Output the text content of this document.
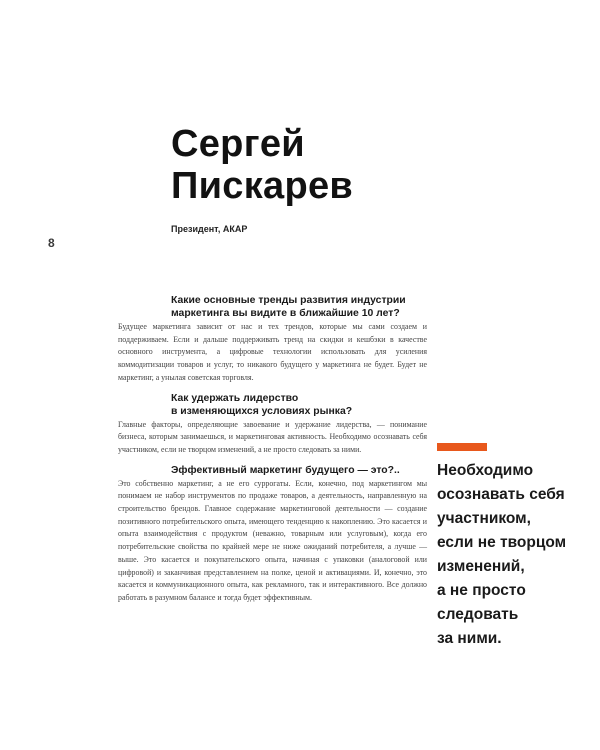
8
Сергей
Пискарев
Президент, АКАР
Какие основные тренды развития индустрии
маркетинга вы видите в ближайшие 10 лет?

Будущее маркетинга зависит от нас и тех трендов, которые мы сами создаем и поддерживаем. Если и дальше поддерживать тренд на скидки и кешбэки в качестве основного инструмента, а цифровые технологии использовать для усиления коммодитизации товаров и услуг, то никакого будущего у маркетинга не будет. Будет не маркетинг, а унылая советская торговля.

Как удержать лидерство
в изменяющихся условиях рынка?

Главные факторы, определяющие завоевание и удержание лидерства, — понимание бизнеса, которым занимаешься, и маркетинговая активность. Необходимо осознавать себя участником, если не творцом изменений, а не просто следовать за ними.

Эффективный маркетинг будущего — это?..

Это собственно маркетинг, а не его суррогаты. Если, конечно, под маркетингом мы понимаем не набор инструментов по продаже товаров, а деятельность, направленную на строительство брендов. Главное содержание маркетинговой деятельности — создание позитивного потребительского опыта, имеющего тенденцию к накоплению. Это касается и опыта взаимодействия с продуктом (неважно, товарным или услуговым), когда его потребительские свойства по крайней мере не ниже ожиданий потребителя, а лучше — выше. Это касается и покупательского опыта, начиная с упаковки (аналоговой или цифровой) и заканчивая представлением на полке, ценой и активациями. И, конечно, это касается и коммуникационного опыта, как рекламного, так и интерактивного. Все должно работать в разумном балансе и тогда будет эффективным.

Необходимо
осознавать себя
участником,
если не творцом
изменений,
а не просто
следовать
за ними.
